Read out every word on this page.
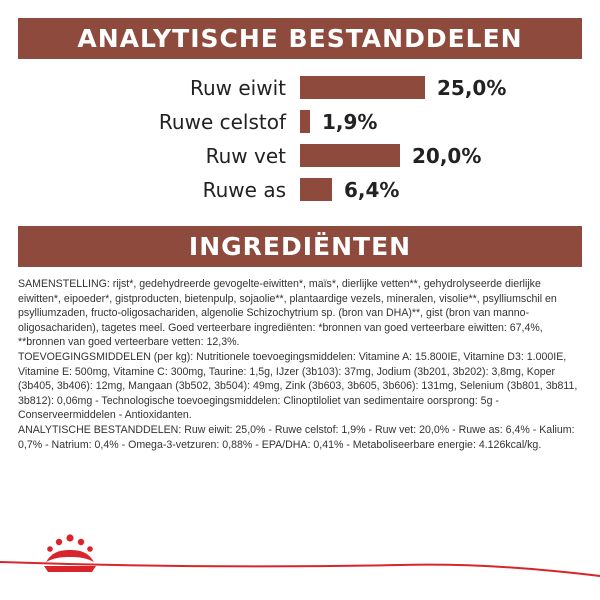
ANALYTISCHE BESTANDDELEN
Ruw eiwit	25,0%
Ruwe celstof 1,9%
Ruw vet	20,0%
Ruwe as	6,4%
INGREDIËNTEN

SAMENSTELLING: rijst*, gedehydreerde gevogelte-eiwitten*, maïs*, dierlijke vetten**, gehydrolyseerde dierlijke eiwitten*, eipoeder*, gistproducten, bietenpulp, sojaolie**, plantaardige vezels, mineralen, visolie**, psylliumschil en psylliumzaden, fructo-oligosachariden, algenolie Schizochytrium sp. (bron van DHA)**, gist (bron van manno-oligosachariden), tagetes meel. Goed verteerbare ingrediënten: *bronnen van goed verteerbare eiwitten: 67,4%, **bronnen van goed verteerbare vetten: 12,3%.

TOEVOEGINGSMIDDELEN (per kg): Nutritionele toevoegingsmiddelen: Vitamine A: 15.800IE, Vitamine D3: 1.000IE, Vitamine E: 500mg, Vitamine C: 300mg, Taurine: 1,5g, IJzer (3b103): 37mg, Jodium (3b201, 3b202): 3,8mg, Koper (3b405, 3b406): 12mg, Mangaan (3b502, 3b504): 49mg, Zink (3b603, 3b605, 3b606): 131mg, Selenium (3b801, 3b811, 3b812): 0,06mg - Technologische toevoegingsmiddelen: Clinoptiloliet van sedimentaire oorsprong: 5g - Conserveermiddelen - Antioxidanten.

ANALYTISCHE BESTANDDELEN: Ruw eiwit: 25,0% - Ruwe celstof: 1,9% - Ruw vet: 20,0% - Ruwe as: 6,4% - Kalium: 0,7% - Natrium: 0,4% - Omega-3-vetzuren: 0,88% - EPA/DHA: 0,41% - Metaboliseerbare energie: 4.126kcal/kg.
